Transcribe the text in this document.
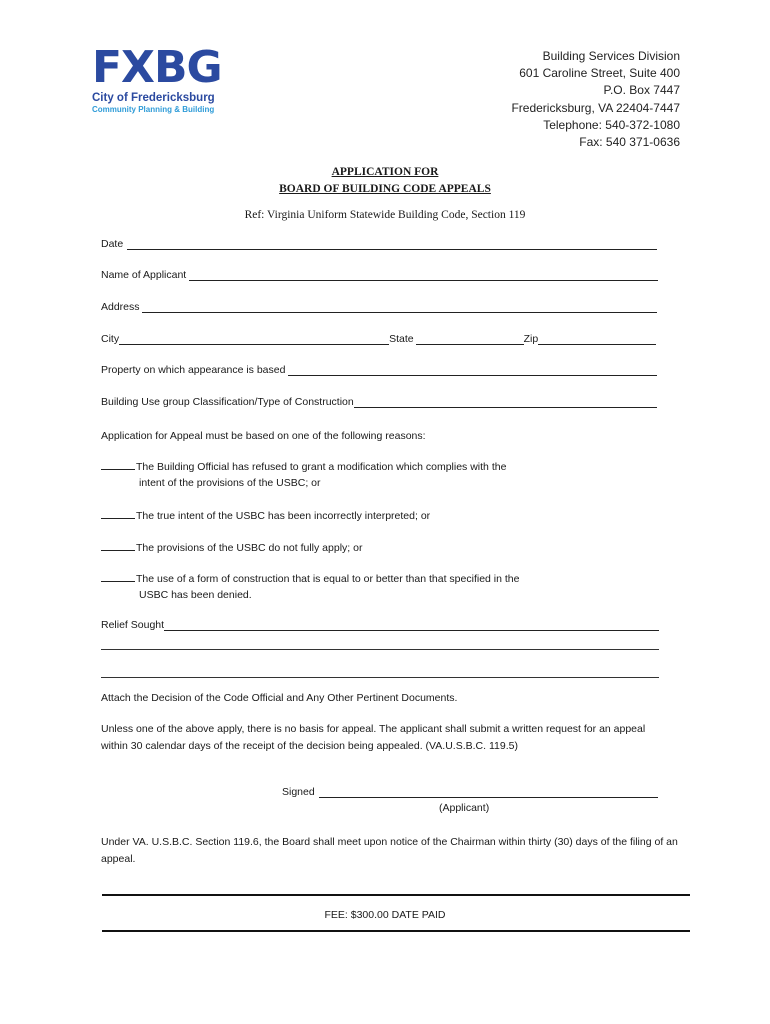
FXBG
City of Fredericksburg
Community Planning & Building
Building Services Division
601 Caroline Street, Suite 400
P.O. Box 7447
Fredericksburg, VA 22404-7447
Telephone: 540-372-1080
Fax: 540 371-0636
APPLICATION FOR
BOARD OF BUILDING CODE APPEALS
Ref: Virginia Uniform Statewide Building Code, Section 119
Date
Name of Applicant
Address
City	State	Zip
Property on which appearance is based
Building Use group Classification/Type of Construction
Application for Appeal must be based on one of the following reasons:
The Building Official has refused to grant a modification which complies with the
intent of the provisions of the USBC; or
The true intent of the USBC has been incorrectly interpreted; or
The provisions of the USBC do not fully apply; or
The use of a form of construction that is equal to or better than that specified in the
USBC has been denied.
Relief Sought
Attach the Decision of the Code Official and Any Other Pertinent Documents.
Unless one of the above apply, there is no basis for appeal. The applicant shall submit a written request for an appeal within 30 calendar days of the receipt of the decision being appealed. (VA.U.S.B.C. 119.5)
Signed
(Applicant)
Under VA. U.S.B.C. Section 119.6, the Board shall meet upon notice of the Chairman within thirty (30) days of the filing of an appeal.
FEE: $300.00 DATE PAID
